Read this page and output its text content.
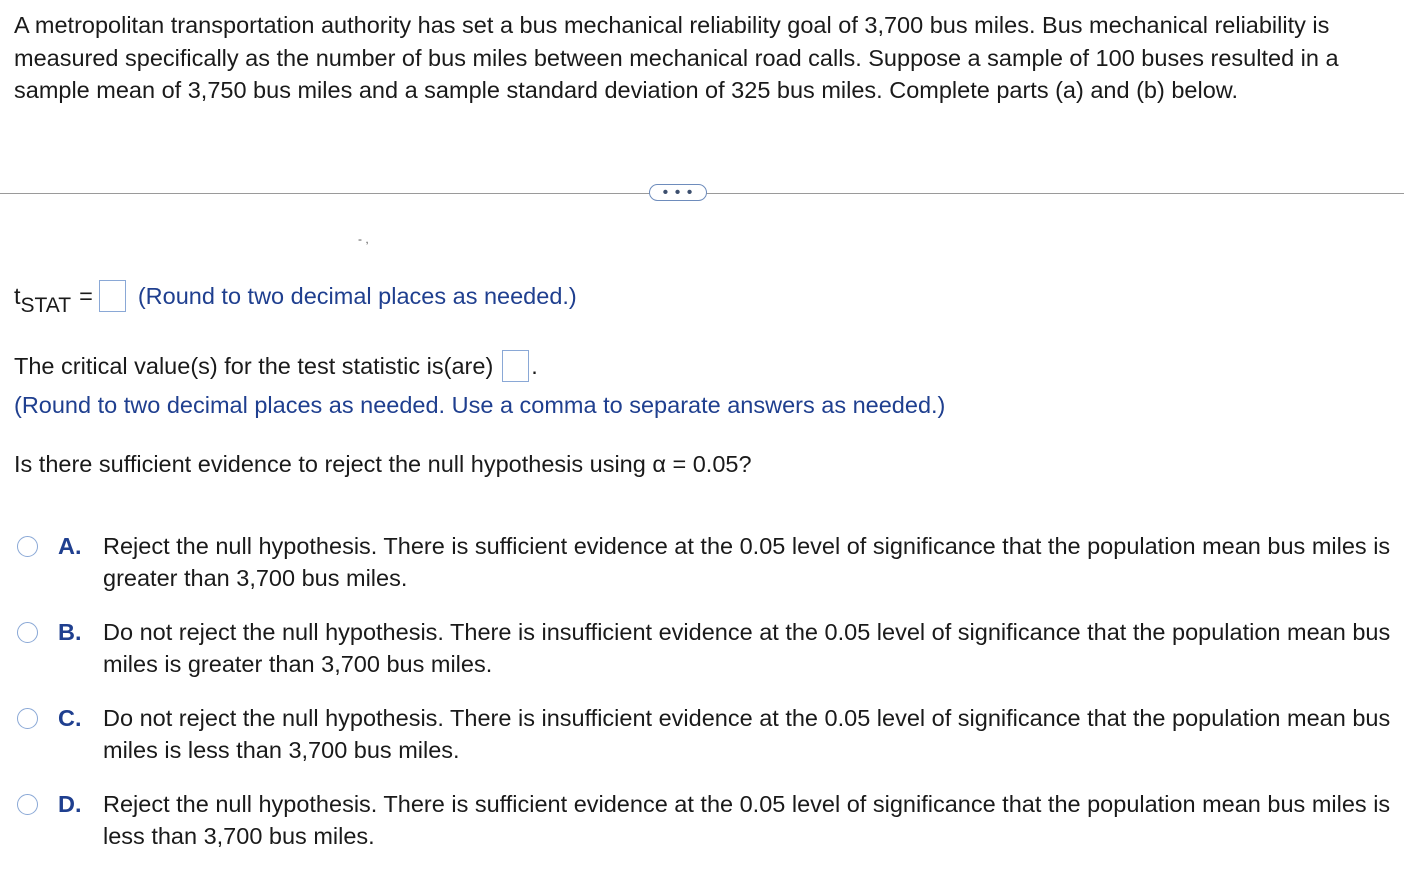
A metropolitan transportation authority has set a bus mechanical reliability goal of 3,700 bus miles. Bus mechanical reliability is measured specifically as the number of bus miles between mechanical road calls. Suppose a sample of 100 buses resulted in a sample mean of 3,750 bus miles and a sample standard deviation of 325 bus miles. Complete parts (a) and (b) below.
• • •
- ,
tSTAT = (Round to two decimal places as needed.)
The critical value(s) for the test statistic is(are) .
(Round to two decimal places as needed. Use a comma to separate answers as needed.)
Is there sufficient evidence to reject the null hypothesis using α = 0.05?
A. Reject the null hypothesis. There is sufficient evidence at the 0.05 level of significance that the population mean bus miles is greater than 3,700 bus miles.
B. Do not reject the null hypothesis. There is insufficient evidence at the 0.05 level of significance that the population mean bus miles is greater than 3,700 bus miles.
C. Do not reject the null hypothesis. There is insufficient evidence at the 0.05 level of significance that the population mean bus miles is less than 3,700 bus miles.
D. Reject the null hypothesis. There is sufficient evidence at the 0.05 level of significance that the population mean bus miles is less than 3,700 bus miles.
